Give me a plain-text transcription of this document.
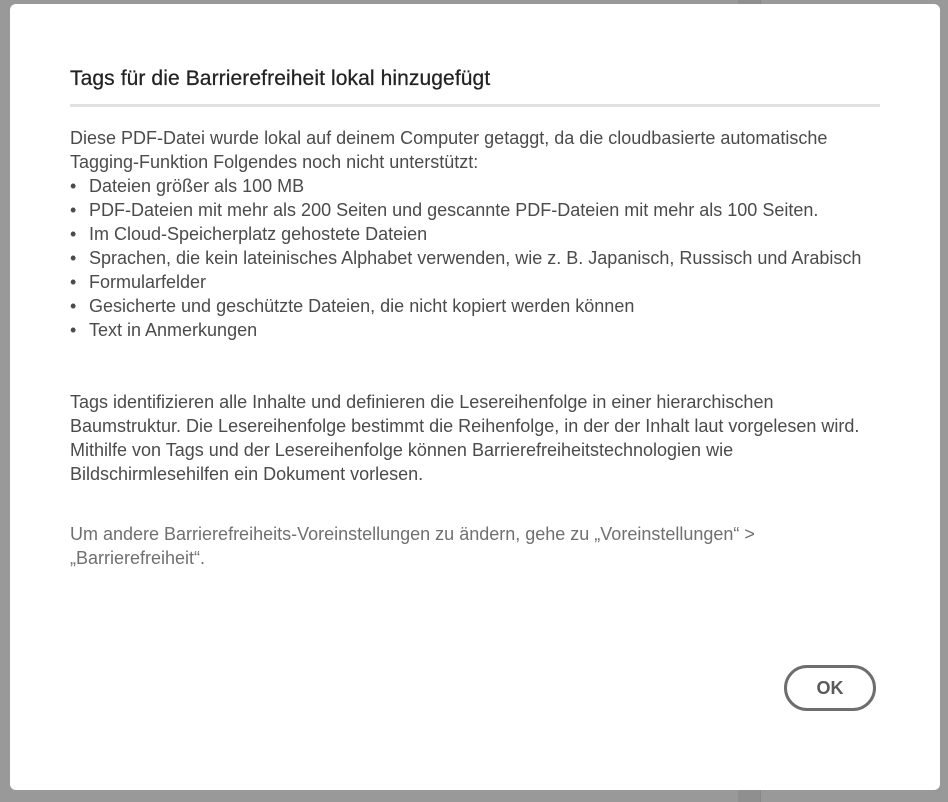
Tags für die Barrierefreiheit lokal hinzugefügt

Diese PDF-Datei wurde lokal auf deinem Computer getaggt, da die cloudbasierte automatische Tagging-Funktion Folgendes noch nicht unterstützt:

• Dateien größer als 100 MB
• PDF-Dateien mit mehr als 200 Seiten und gescannte PDF-Dateien mit mehr als 100 Seiten.
• Im Cloud-Speicherplatz gehostete Dateien
• Sprachen, die kein lateinisches Alphabet verwenden, wie z. B. Japanisch, Russisch und Arabisch
• Formularfelder
• Gesicherte und geschützte Dateien, die nicht kopiert werden können
• Text in Anmerkungen

Tags identifizieren alle Inhalte und definieren die Lesereihenfolge in einer hierarchischen Baumstruktur. Die Lesereihenfolge bestimmt die Reihenfolge, in der der Inhalt laut vorgelesen wird. Mithilfe von Tags und der Lesereihenfolge können Barrierefreiheitstechnologien wie Bildschirmlesehilfen ein Dokument vorlesen.

Um andere Barrierefreiheits-Voreinstellungen zu ändern, gehe zu „Voreinstellungen“ > „Barrierefreiheit“.

OK
